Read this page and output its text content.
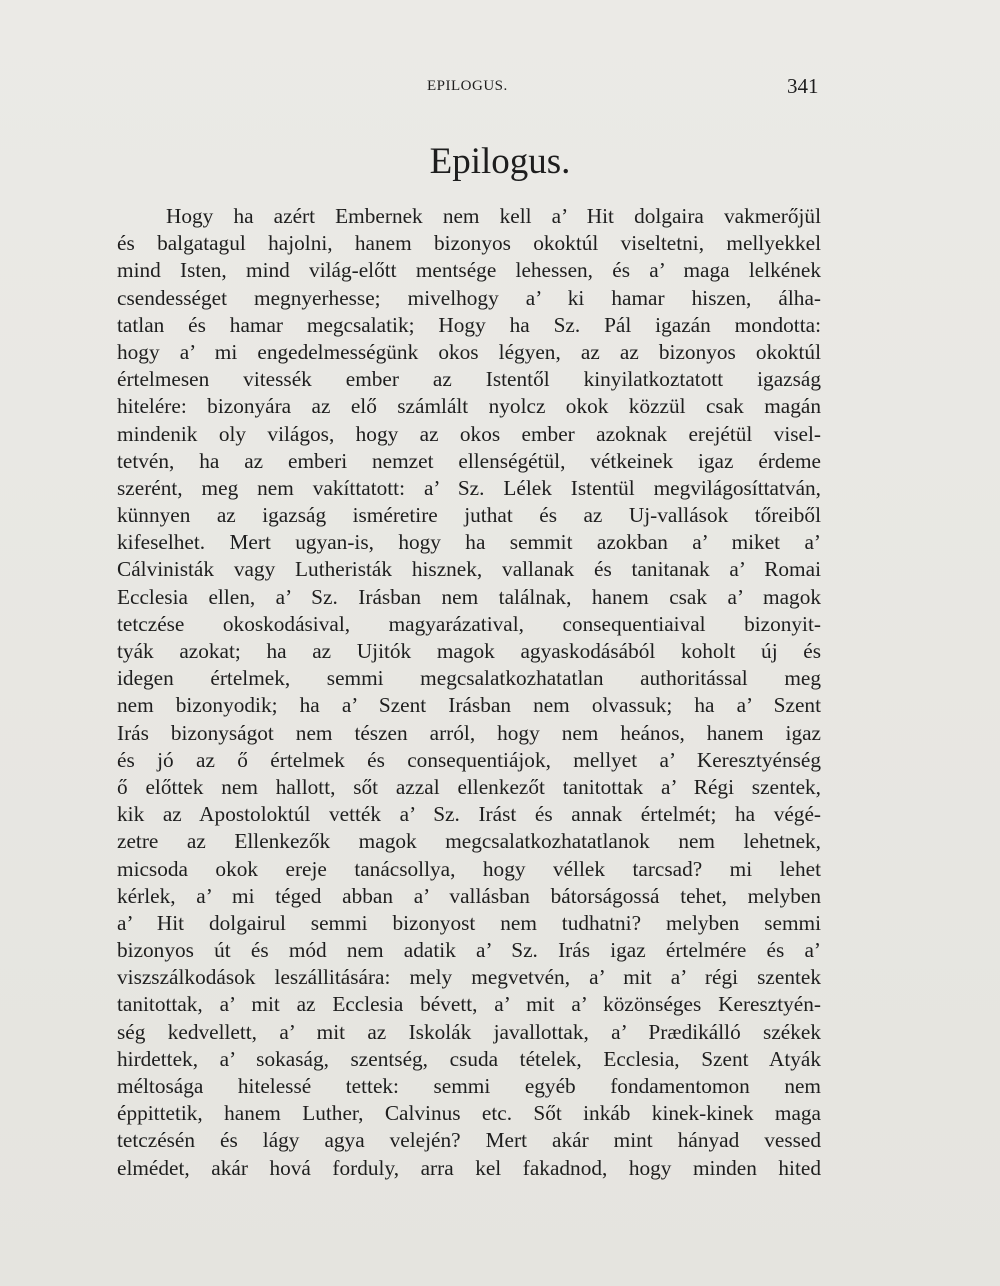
EPILOGUS.	341
Epilogus.
Hogy ha azért Embernek nem kell a’ Hit dolgaira vakmerőjül
és balgatagul hajolni, hanem bizonyos okoktúl viseltetni, mellyekkel
mind Isten, mind világ-előtt mentsége lehessen, és a’ maga lelkének
csendességet megnyerhesse; mivelhogy a’ ki hamar hiszen, álha-
tatlan és hamar megcsalatik; Hogy ha Sz. Pál igazán mondotta:
hogy a’ mi engedelmességünk okos légyen, az az bizonyos okoktúl
értelmesen vitessék ember az Istentől kinyilatkoztatott igazság
hitelére: bizonyára az elő számlált nyolcz okok közzül csak magán
mindenik oly világos, hogy az okos ember azoknak erejétül visel-
tetvén, ha az emberi nemzet ellenségétül, vétkeinek igaz érdeme
szerént, meg nem vakíttatott: a’ Sz. Lélek Istentül megvilágosíttatván,
künnyen az igazság isméretire juthat és az Uj-vallások tőreiből
kifeselhet. Mert ugyan-is, hogy ha semmit azokban a’ miket a’
Cálvinisták vagy Lutheristák hisznek, vallanak és tanitanak a’ Romai
Ecclesia ellen, a’ Sz. Irásban nem találnak, hanem csak a’ magok
tetczése okoskodásival, magyarázatival, consequentiaival bizonyit-
tyák azokat; ha az Ujitók magok agyaskodásából koholt új és
idegen értelmek, semmi megcsalatkozhatatlan authoritással meg
nem bizonyodik; ha a’ Szent Irásban nem olvassuk; ha a’ Szent
Irás bizonyságot nem tészen arról, hogy nem heános, hanem igaz
és jó az ő értelmek és consequentiájok, mellyet a’ Keresztyénség
ő előttek nem hallott, sőt azzal ellenkezőt tanitottak a’ Régi szentek,
kik az Apostoloktúl vették a’ Sz. Irást és annak értelmét; ha végé-
zetre az Ellenkezők magok megcsalatkozhatatlanok nem lehetnek,
micsoda okok ereje tanácsollya, hogy véllek tarcsad? mi lehet
kérlek, a’ mi téged abban a’ vallásban bátorságossá tehet, melyben
a’ Hit dolgairul semmi bizonyost nem tudhatni? melyben semmi
bizonyos út és mód nem adatik a’ Sz. Irás igaz értelmére és a’
viszszálkodások leszállitására: mely megvetvén, a’ mit a’ régi szentek
tanitottak, a’ mit az Ecclesia bévett, a’ mit a’ közönséges Keresztyén-
ség kedvellett, a’ mit az Iskolák javallottak, a’ Prædikálló székek
hirdettek, a’ sokaság, szentség, csuda tételek, Ecclesia, Szent Atyák
méltosága hitelessé tettek: semmi egyéb fondamentomon nem
éppittetik, hanem Luther, Calvinus etc. Sőt inkáb kinek-kinek maga
tetczésén és lágy agya velején? Mert akár mint hányad vessed
elmédet, akár hová forduly, arra kel fakadnod, hogy minden hited
